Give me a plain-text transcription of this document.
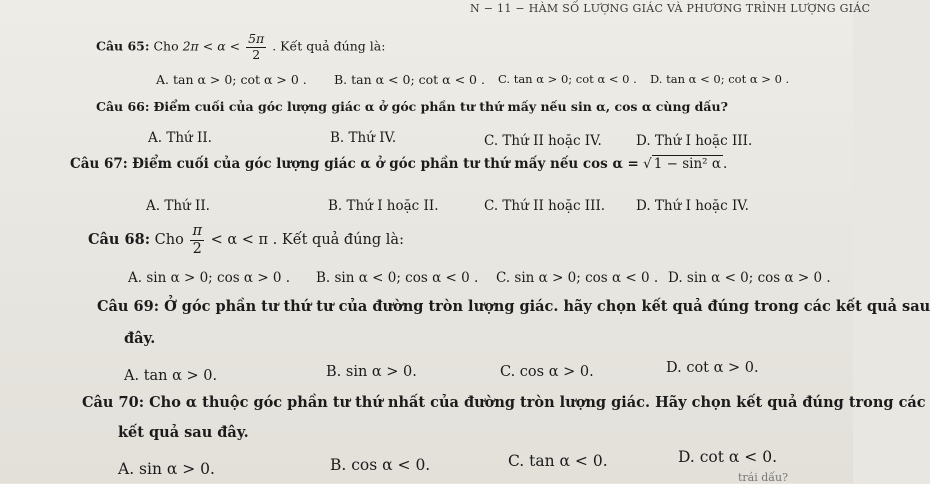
N − 11 − HÀM SỐ LƯỢNG GIÁC VÀ PHƯƠNG TRÌNH LƯỢNG GIÁC
Câu 65: Cho $2\pi < \alpha < \frac{5\pi}{2}$ . Kết quả đúng là:
A. tan α > 0; cot α > 0 . B. tan α < 0; cot α < 0 . C. tan α > 0; cot α < 0 . D. tan α < 0; cot α > 0 .
Câu 66: Điểm cuối của góc lượng giác α ở góc phần tư thứ mấy nếu sin α, cos α cùng dấu?
A. Thứ II.	B. Thứ IV.	C. Thứ II hoặc IV.	D. Thứ I hoặc III.
Câu 67: Điểm cuối của góc lượng giác α ở góc phần tư thứ mấy nếu cos α = √ 1 − sin² α .
A. Thứ II.	B. Thứ I hoặc II.	C. Thứ II hoặc III. D. Thứ I hoặc IV.
Câu 68: Cho $\frac{\pi}{2} < \alpha < \pi$ . Kết quả đúng là:
A. sin α > 0; cos α > 0 . B. sin α < 0; cos α < 0 . C. sin α > 0; cos α < 0 . D. sin α < 0; cos α > 0 .
Câu 69: Ở góc phần tư thứ tư của đường tròn lượng giác. hãy chọn kết quả đúng trong các kết quả sau
đây.
A. tan α > 0.	B. sin α > 0.	C. cos α > 0.	D. cot α > 0.
Câu 70: Cho α thuộc góc phần tư thứ nhất của đường tròn lượng giác. Hãy chọn kết quả đúng trong các
kết quả sau đây.
A. sin α > 0.	B. cos α < 0.	C. tan α < 0.	D. cot α < 0.
trái dấu?
